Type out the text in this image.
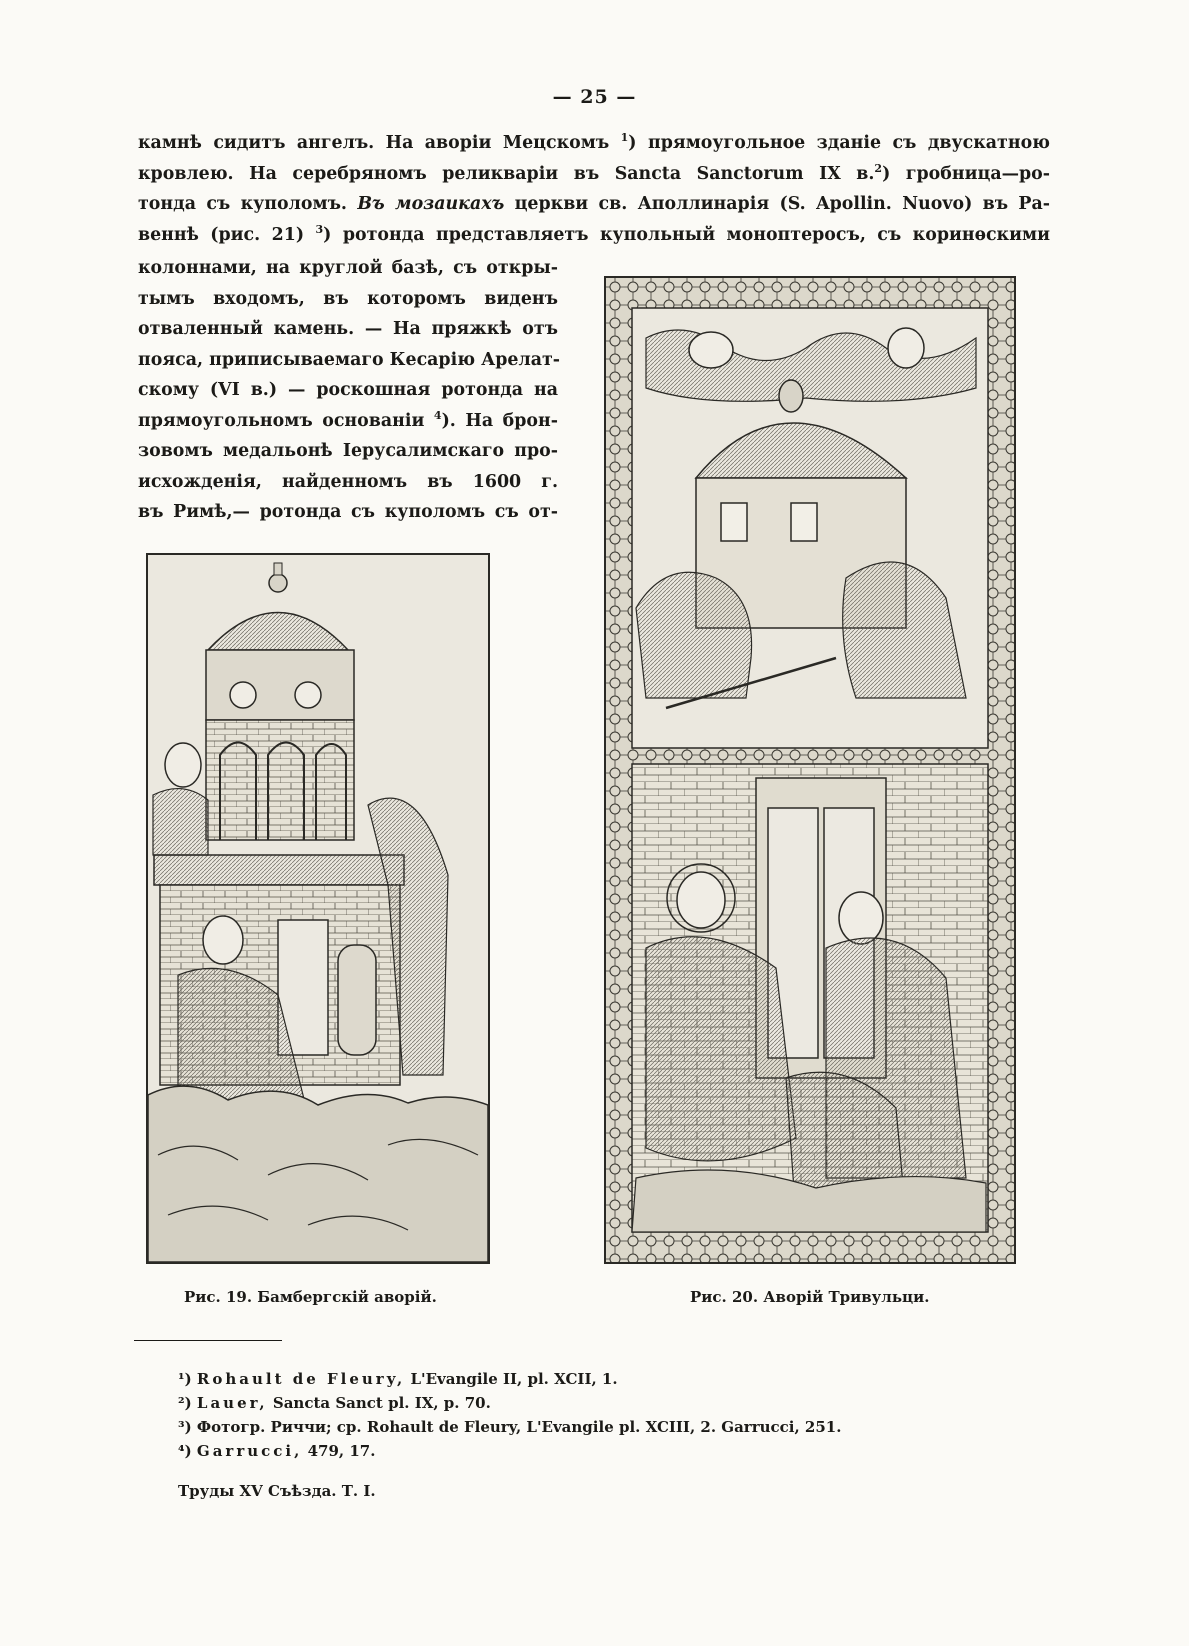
— 25 —
камнѣ сидитъ ангелъ. На аворіи Мецскомъ $^1$) прямоугольное зданіе съ двускатною
кровлею. На серебряномъ реликваріи въ Sancta Sanctorum IX в.$^2$) гробница—ро-
тонда съ куполомъ. Въ мозаикахъ церкви св. Аполлинарія (S. Apollin. Nuovo) въ Ра-
веннѣ (рис. 21) $^3$) ротонда представляетъ купольный моноптеросъ, съ коринѳскими
колоннами, на круглой базѣ, съ откры-
тымъ входомъ, въ которомъ виденъ
отваленный камень. — На пряжкѣ отъ
пояса, приписываемаго Кесарію Арелат-
скому (VI в.) — роскошная ротонда на
прямоугольномъ основаніи $^4$). На брон-
зовомъ медальонѣ Іерусалимскаго про-
исхожденія, найденномъ въ 1600 г.
въ Римѣ,— ротонда съ куполомъ съ от-
Рис. 19. Бамбергскій аворій.	Рис. 20. Аворій Тривульци.
¹) Rohault de Fleury, L'Evangile II, pl. XCII, 1.
²) Lauer, Sancta Sanct pl. IX, p. 70.
³) Фотогр. Риччи; ср. Rohault de Fleury, L'Evangile pl. XCIII, 2. Garrucci, 251.
⁴) Garrucci, 479, 17.
Труды XV Съѣзда. Т. I.
